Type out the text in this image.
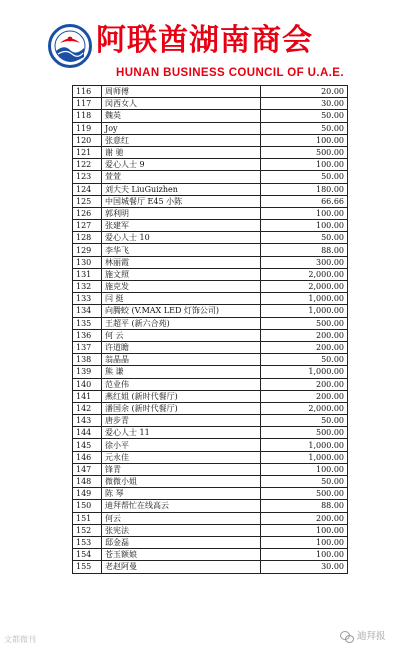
阿联酋湖南商会
HUNAN BUSINESS COUNCIL OF U.A.E.
116	周师傅	20.00
117	闵西女人	30.00
118	魏英	50.00
119	Joy	50.00
120	张意红	100.00
121	谢 驰	500.00
122	爱心人士 9	100.00
123	萱萱	50.00
124	刘大夫 LiuGuizhen	180.00
125	中国城餐厅 E45 小陈	66.66
126	郭利明	100.00
127	张建军	100.00
128	爱心人士 10	50.00
129	李华飞	88.00
130	林丽霞	300.00
131	施文照	2,000.00
132	施克发	2,000.00
133	闫 挺	1,000.00
134	向腾蛟 (V.MAX LED 灯饰公司)	1,000.00
135	王超平 (新六合苑)	500.00
136	何 云	200.00
137	许道瞻	200.00
138	翁晶晶	50.00
139	熊 谦	1,000.00
140	范业伟	200.00
141	燕红姐 (新时代餐厅)	200.00
142	潘国余 (新时代餐厅)	2,000.00
143	唐步青	50.00
144	爱心人士 11	500.00
145	徐小平	1,000.00
146	元永佳	1,000.00
147	锋青	100.00
148	微微小姐	50.00
149	陈 琴	500.00
150	迪拜帮忙在线高云	88.00
151	何云	200.00
152	张宪法	100.00
153	邸金磊	100.00
154	苍玉额娘	100.00
155	老赵阿曼	30.00
文都微刊	迪拜报
